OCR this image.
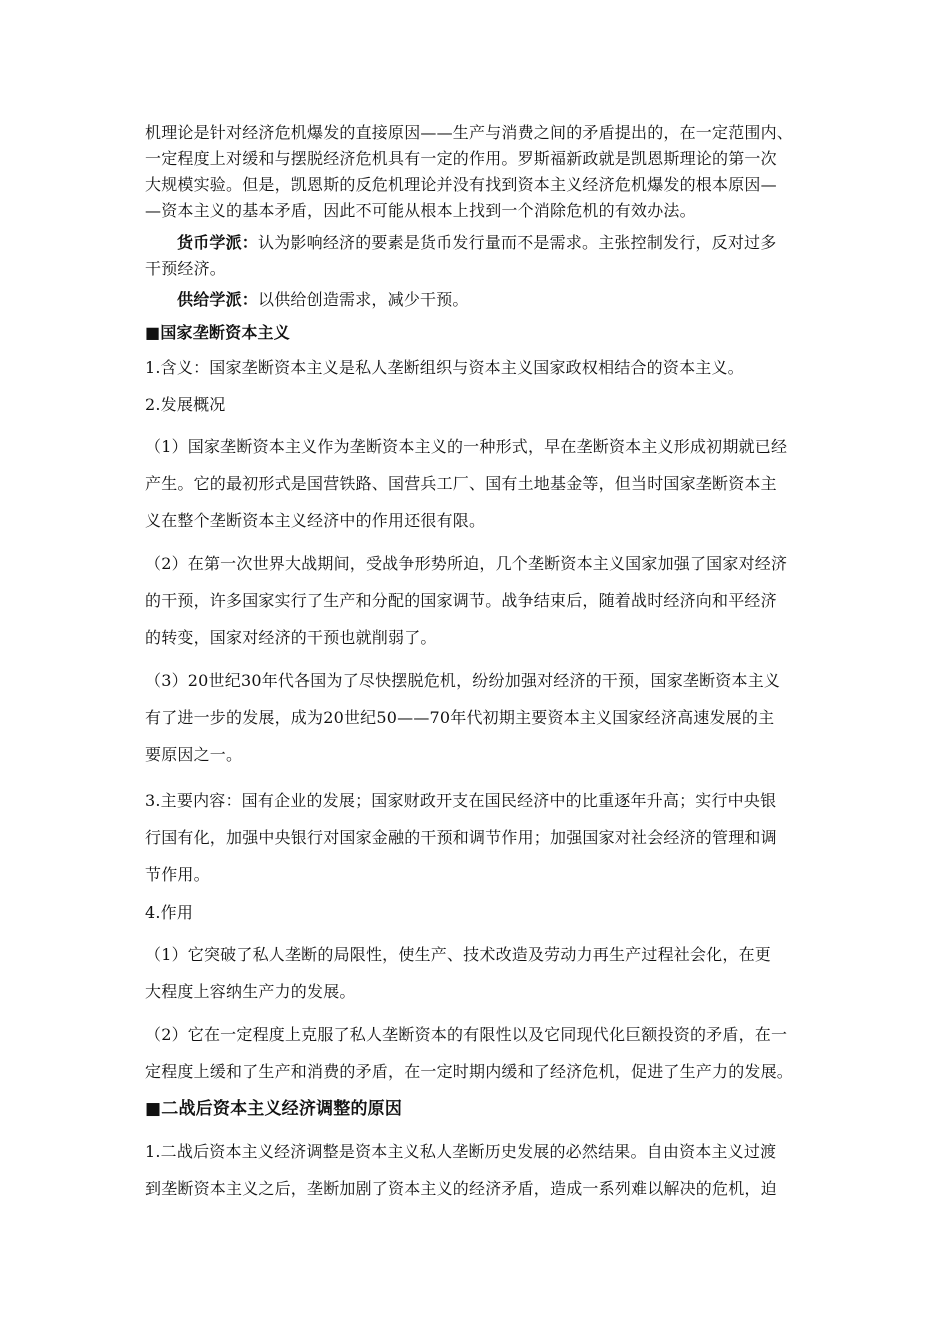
机理论是针对经济危机爆发的直接原因——生产与消费之间的矛盾提出的，在一定范围内、

一定程度上对缓和与摆脱经济危机具有一定的作用。罗斯福新政就是凯恩斯理论的第一次

大规模实验。但是，凯恩斯的反危机理论并没有找到资本主义经济危机爆发的根本原因—

—资本主义的基本矛盾，因此不可能从根本上找到一个消除危机的有效办法。

货币学派：认为影响经济的要素是货币发行量而不是需求。主张控制发行，反对过多

干预经济。

供给学派：以供给创造需求，减少干预。

■国家垄断资本主义

1.含义：国家垄断资本主义是私人垄断组织与资本主义国家政权相结合的资本主义。

2.发展概况

（1）国家垄断资本主义作为垄断资本主义的一种形式，早在垄断资本主义形成初期就已经

产生。它的最初形式是国营铁路、国营兵工厂、国有土地基金等，但当时国家垄断资本主

义在整个垄断资本主义经济中的作用还很有限。

（2）在第一次世界大战期间，受战争形势所迫，几个垄断资本主义国家加强了国家对经济

的干预，许多国家实行了生产和分配的国家调节。战争结束后，随着战时经济向和平经济

的转变，国家对经济的干预也就削弱了。

（3）20世纪30年代各国为了尽快摆脱危机，纷纷加强对经济的干预，国家垄断资本主义

有了进一步的发展，成为20世纪50——70年代初期主要资本主义国家经济高速发展的主

要原因之一。

3.主要内容：国有企业的发展；国家财政开支在国民经济中的比重逐年升高；实行中央银

行国有化，加强中央银行对国家金融的干预和调节作用；加强国家对社会经济的管理和调

节作用。

4.作用

（1）它突破了私人垄断的局限性，使生产、技术改造及劳动力再生产过程社会化，在更

大程度上容纳生产力的发展。

（2）它在一定程度上克服了私人垄断资本的有限性以及它同现代化巨额投资的矛盾，在一

定程度上缓和了生产和消费的矛盾，在一定时期内缓和了经济危机，促进了生产力的发展。

■二战后资本主义经济调整的原因

1.二战后资本主义经济调整是资本主义私人垄断历史发展的必然结果。自由资本主义过渡

到垄断资本主义之后，垄断加剧了资本主义的经济矛盾，造成一系列难以解决的危机，迫
